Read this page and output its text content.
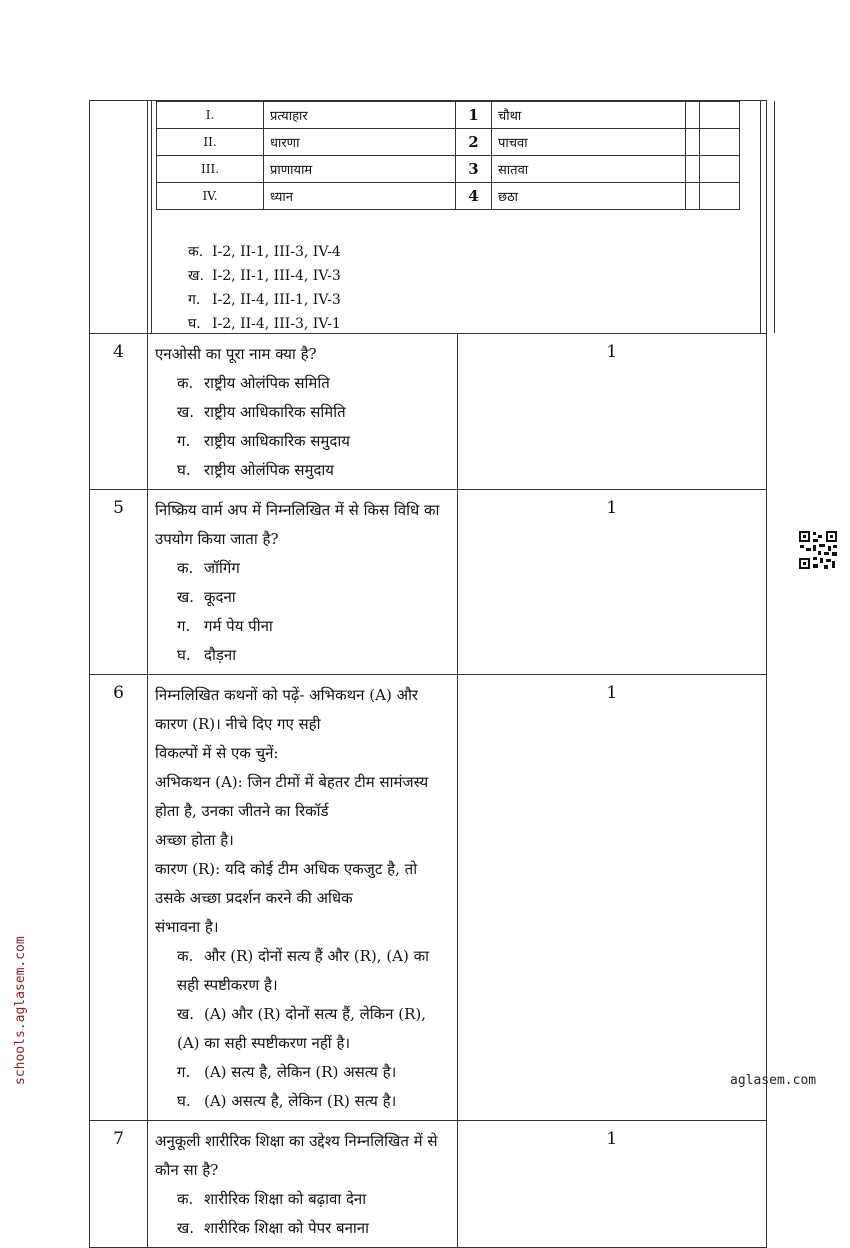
I.	प्रत्याहार	1	चौथा		
II.	धारणा	2	पाचवा		
III.	प्राणायाम	3	सातवा		
IV.	ध्यान	4	छठा		
क. I-2, II-1, III-3, IV-4
ख. I-2, II-1, III-4, IV-3
ग. I-2, II-4, III-1, IV-3
घ. I-2, II-4, III-3, IV-1

4	एनओसी का पूरा नाम क्या है?
क. राष्ट्रीय ओलंपिक समिति
ख. राष्ट्रीय आधिकारिक समिति
ग. राष्ट्रीय आधिकारिक समुदाय
घ. राष्ट्रीय ओलंपिक समुदाय
	1
5	निष्क्रिय वार्म अप में निम्नलिखित में से किस विधि का उपयोग किया जाता है?
क. जॉगिंग
ख. कूदना
ग. गर्म पेय पीना
घ. दौड़ना
	1
6	निम्नलिखित कथनों को पढ़ें- अभिकथन (A) और कारण (R)। नीचे दिए गए सही
विकल्पों में से एक चुनें:
अभिकथन (A): जिन टीमों में बेहतर टीम सामंजस्य होता है, उनका जीतने का रिकॉर्ड
अच्छा होता है।
कारण (R): यदि कोई टीम अधिक एकजुट है, तो उसके अच्छा प्रदर्शन करने की अधिक
संभावना है।
क. और (R) दोनों सत्य हैं और (R), (A) का सही स्पष्टीकरण है।
ख. (A) और (R) दोनों सत्य हैं, लेकिन (R), (A) का सही स्पष्टीकरण नहीं है।
ग. (A) सत्य है, लेकिन (R) असत्य है।
घ. (A) असत्य है, लेकिन (R) सत्य है।
	1
7	अनुकूली शारीरिक शिक्षा का उद्देश्य निम्नलिखित में से कौन सा है?
क. शारीरिक शिक्षा को बढ़ावा देना
ख. शारीरिक शिक्षा को पेपर बनाना
	1
schools.aglasem.com	aglasem.com
